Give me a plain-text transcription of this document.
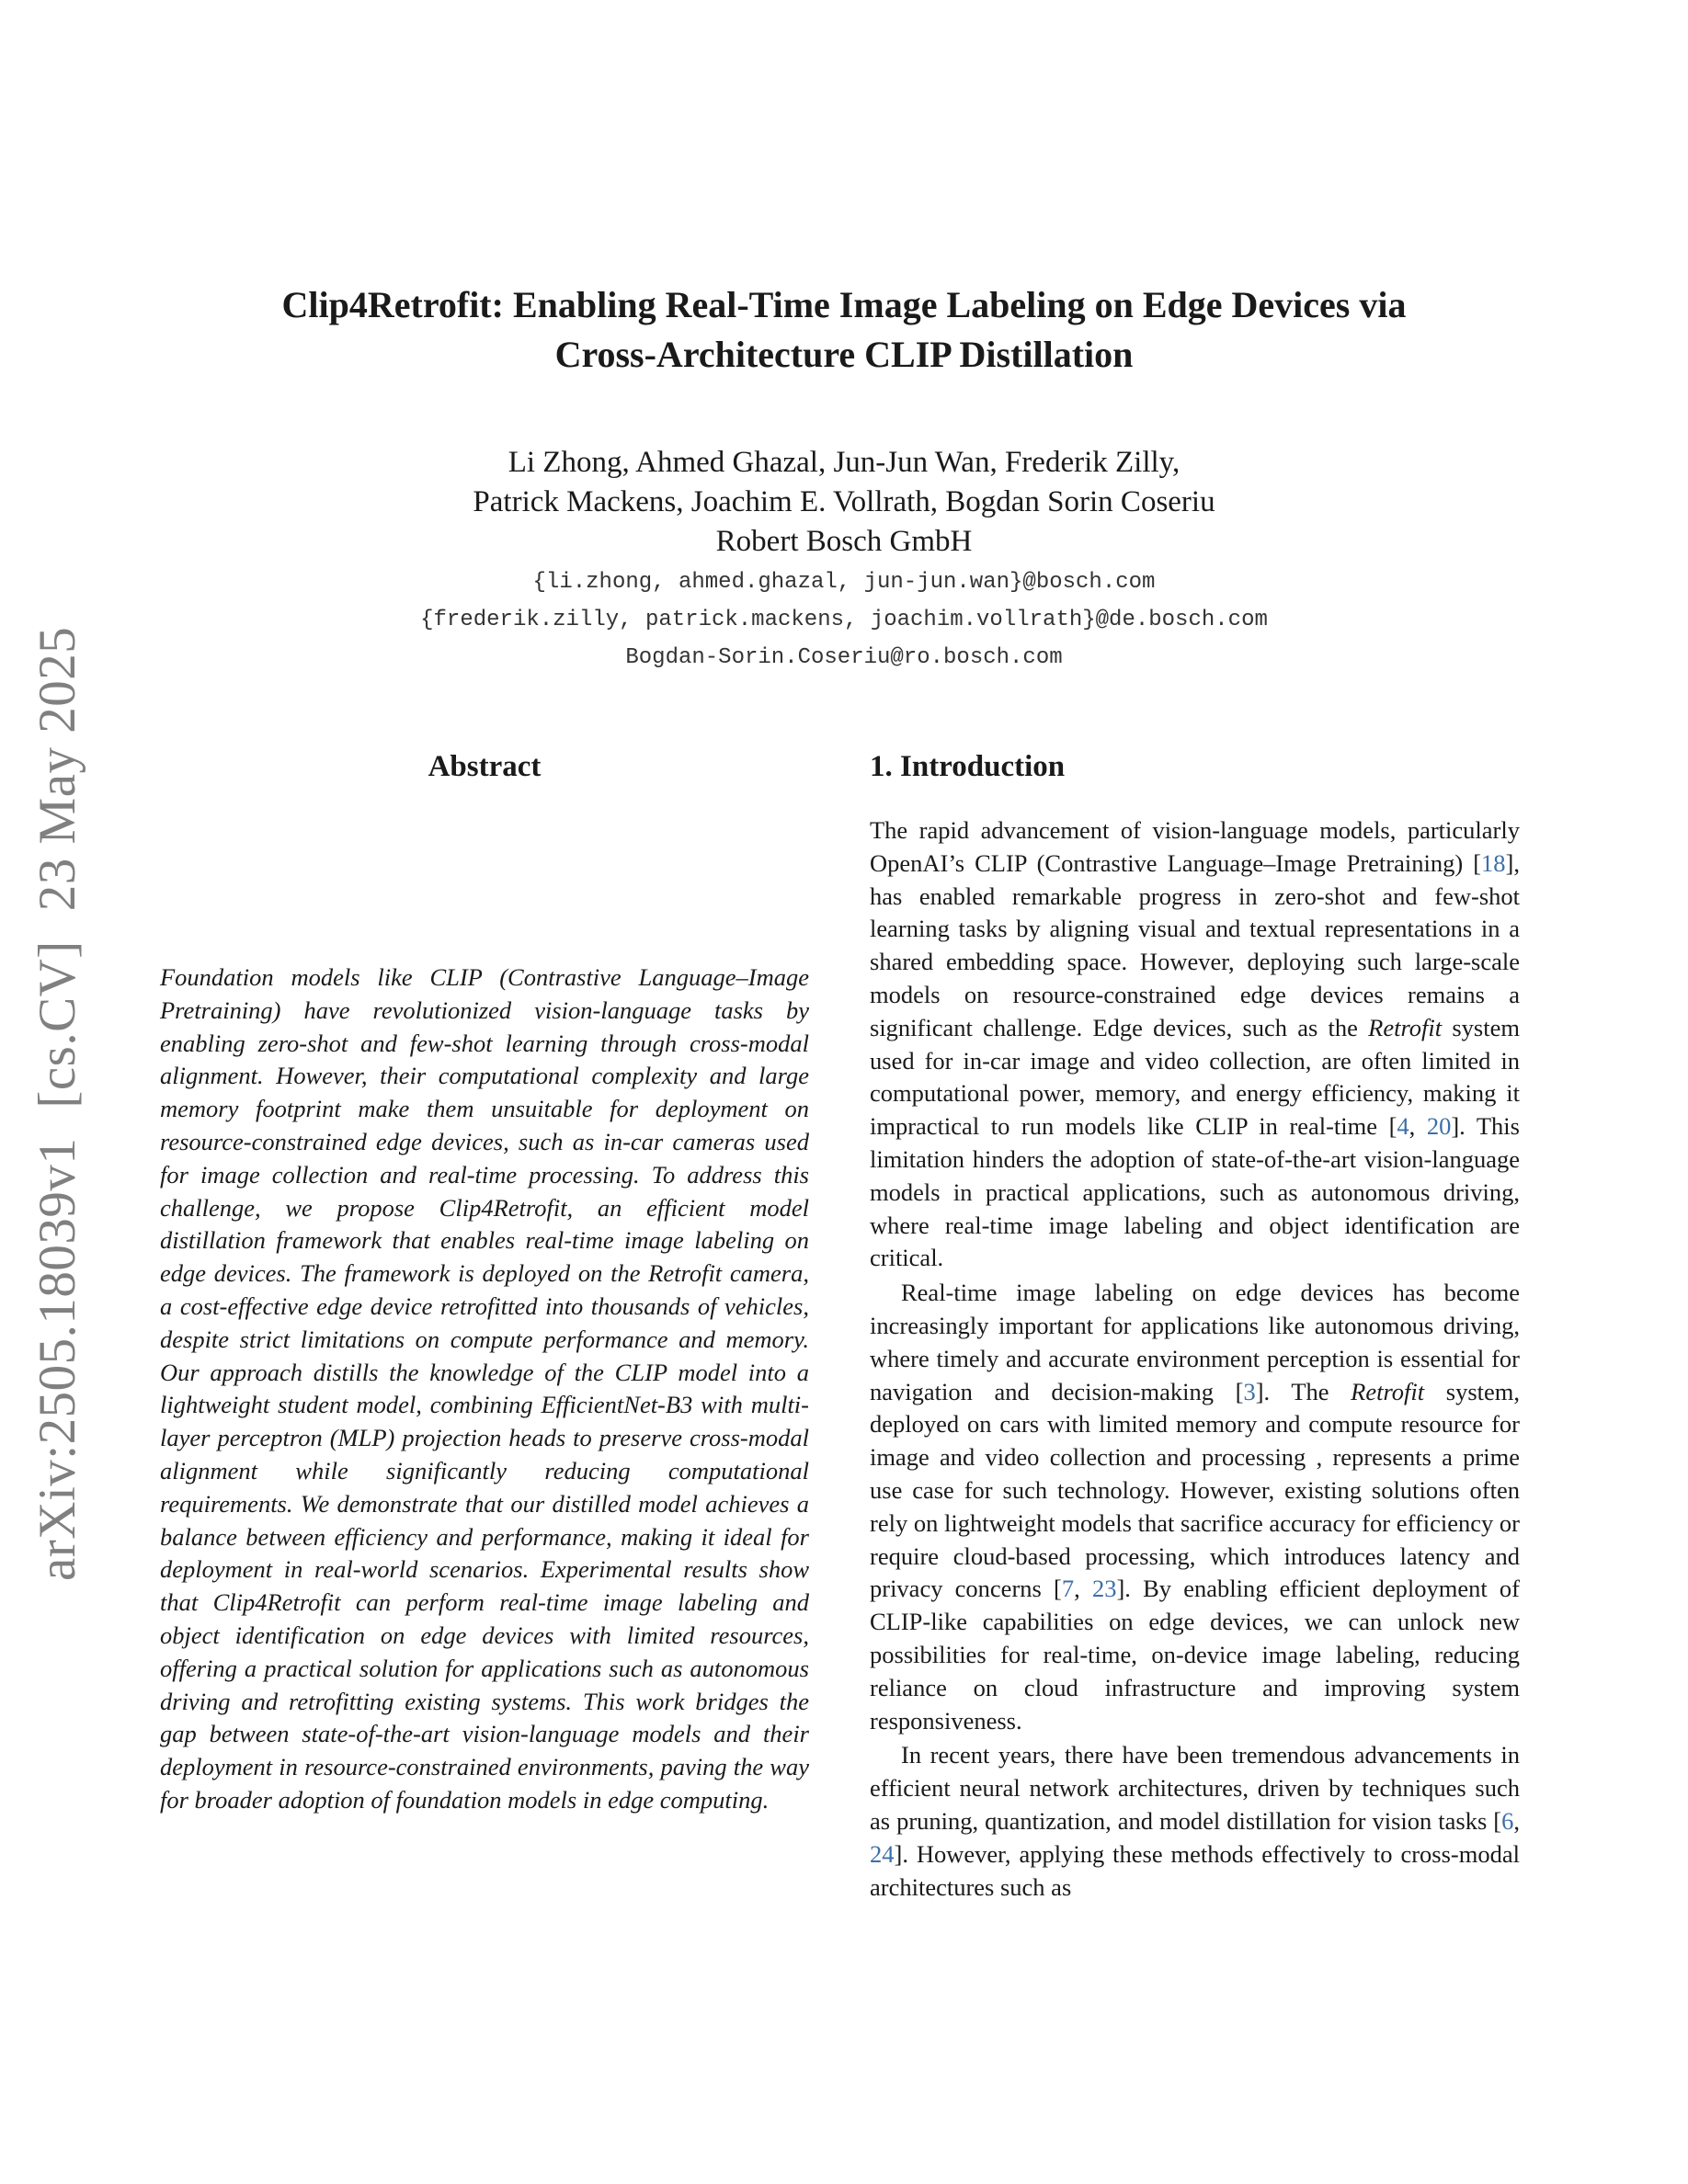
arXiv:2505.18039v1[cs.CV]23 May 2025
Clip4Retrofit: Enabling Real-Time Image Labeling on Edge Devices via
Cross-Architecture CLIP Distillation
Li Zhong, Ahmed Ghazal, Jun-Jun Wan, Frederik Zilly,
Patrick Mackens, Joachim E. Vollrath, Bogdan Sorin Coseriu
Robert Bosch GmbH
{li.zhong, ahmed.ghazal, jun-jun.wan}@bosch.com
{frederik.zilly, patrick.mackens, joachim.vollrath}@de.bosch.com
Bogdan-Sorin.Coseriu@ro.bosch.com
Abstract
Foundation models like CLIP (Contrastive Language–Image Pretraining) have revolutionized vision-language tasks by enabling zero-shot and few-shot learning through cross-modal alignment. However, their computational complexity and large memory footprint make them unsuitable for deployment on resource-constrained edge devices, such as in-car cameras used for image collection and real-time processing. To address this challenge, we propose Clip4Retrofit, an efficient model distillation framework that enables real-time image labeling on edge devices. The framework is deployed on the Retrofit camera, a cost-effective edge device retrofitted into thousands of vehicles, despite strict limitations on compute performance and memory. Our approach distills the knowledge of the CLIP model into a lightweight student model, combining EfficientNet-B3 with multi-layer perceptron (MLP) projection heads to preserve cross-modal alignment while significantly reducing computational requirements. We demonstrate that our distilled model achieves a balance between efficiency and performance, making it ideal for deployment in real-world scenarios. Experimental results show that Clip4Retrofit can perform real-time image labeling and object identification on edge devices with limited resources, offering a practical solution for applications such as autonomous driving and retrofitting existing systems. This work bridges the gap between state-of-the-art vision-language models and their deployment in resource-constrained environments, paving the way for broader adoption of foundation models in edge computing.
1. Introduction

The rapid advancement of vision-language models, particularly OpenAI’s CLIP (Contrastive Language–Image Pretraining) [18], has enabled remarkable progress in zero-shot and few-shot learning tasks by aligning visual and textual representations in a shared embedding space. However, deploying such large-scale models on resource-constrained edge devices remains a significant challenge. Edge devices, such as the Retrofit system used for in-car image and video collection, are often limited in computational power, memory, and energy efficiency, making it impractical to run models like CLIP in real-time [4, 20]. This limitation hinders the adoption of state-of-the-art vision-language models in practical applications, such as autonomous driving, where real-time image labeling and object identification are critical.

Real-time image labeling on edge devices has become increasingly important for applications like autonomous driving, where timely and accurate environment perception is essential for navigation and decision-making [3]. The Retrofit system, deployed on cars with limited memory and compute resource for image and video collection and processing , represents a prime use case for such technology. However, existing solutions often rely on lightweight models that sacrifice accuracy for efficiency or require cloud-based processing, which introduces latency and privacy concerns [7, 23]. By enabling efficient deployment of CLIP-like capabilities on edge devices, we can unlock new possibilities for real-time, on-device image labeling, reducing reliance on cloud infrastructure and improving system responsiveness.

In recent years, there have been tremendous advancements in efficient neural network architectures, driven by techniques such as pruning, quantization, and model distillation for vision tasks [6, 24]. However, applying these methods effectively to cross-modal architectures such as
